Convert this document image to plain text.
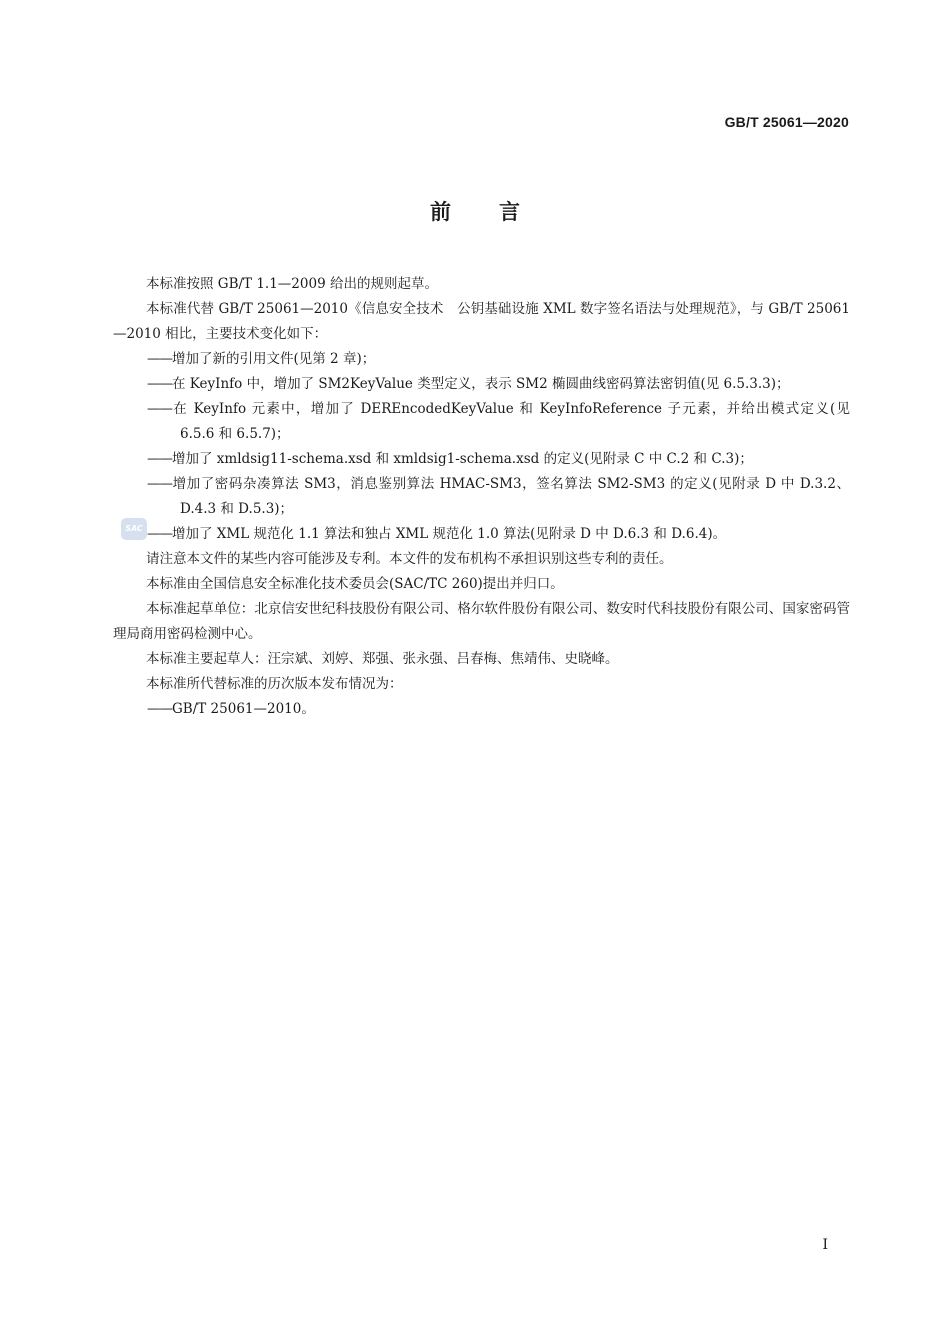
GB/T 25061—2020
前言
SAC

本标准按照 GB/T 1.1—2009 给出的规则起草。

本标准代替 GB/T 25061—2010《信息安全技术　公钥基础设施 XML 数字签名语法与处理规范》，与 GB/T 25061—2010 相比，主要技术变化如下：

——增加了新的引用文件(见第 2 章)；

——在 KeyInfo 中，增加了 SM2KeyValue 类型定义，表示 SM2 椭圆曲线密码算法密钥值(见 6.5.3.3)；

——在 KeyInfo 元素中，增加了 DEREncodedKeyValue 和 KeyInfoReference 子元素，并给出模式定义(见 6.5.6 和 6.5.7)；

——增加了 xmldsig11-schema.xsd 和 xmldsig1-schema.xsd 的定义(见附录 C 中 C.2 和 C.3)；

——增加了密码杂凑算法 SM3，消息鉴别算法 HMAC-SM3，签名算法 SM2-SM3 的定义(见附录 D 中 D.3.2、D.4.3 和 D.5.3)；

——增加了 XML 规范化 1.1 算法和独占 XML 规范化 1.0 算法(见附录 D 中 D.6.3 和 D.6.4)。

请注意本文件的某些内容可能涉及专利。本文件的发布机构不承担识别这些专利的责任。

本标准由全国信息安全标准化技术委员会(SAC/TC 260)提出并归口。

本标准起草单位：北京信安世纪科技股份有限公司、格尔软件股份有限公司、数安时代科技股份有限公司、国家密码管理局商用密码检测中心。

本标准主要起草人：汪宗斌、刘婷、郑强、张永强、吕春梅、焦靖伟、史晓峰。

本标准所代替标准的历次版本发布情况为：

——GB/T 25061—2010。

I
